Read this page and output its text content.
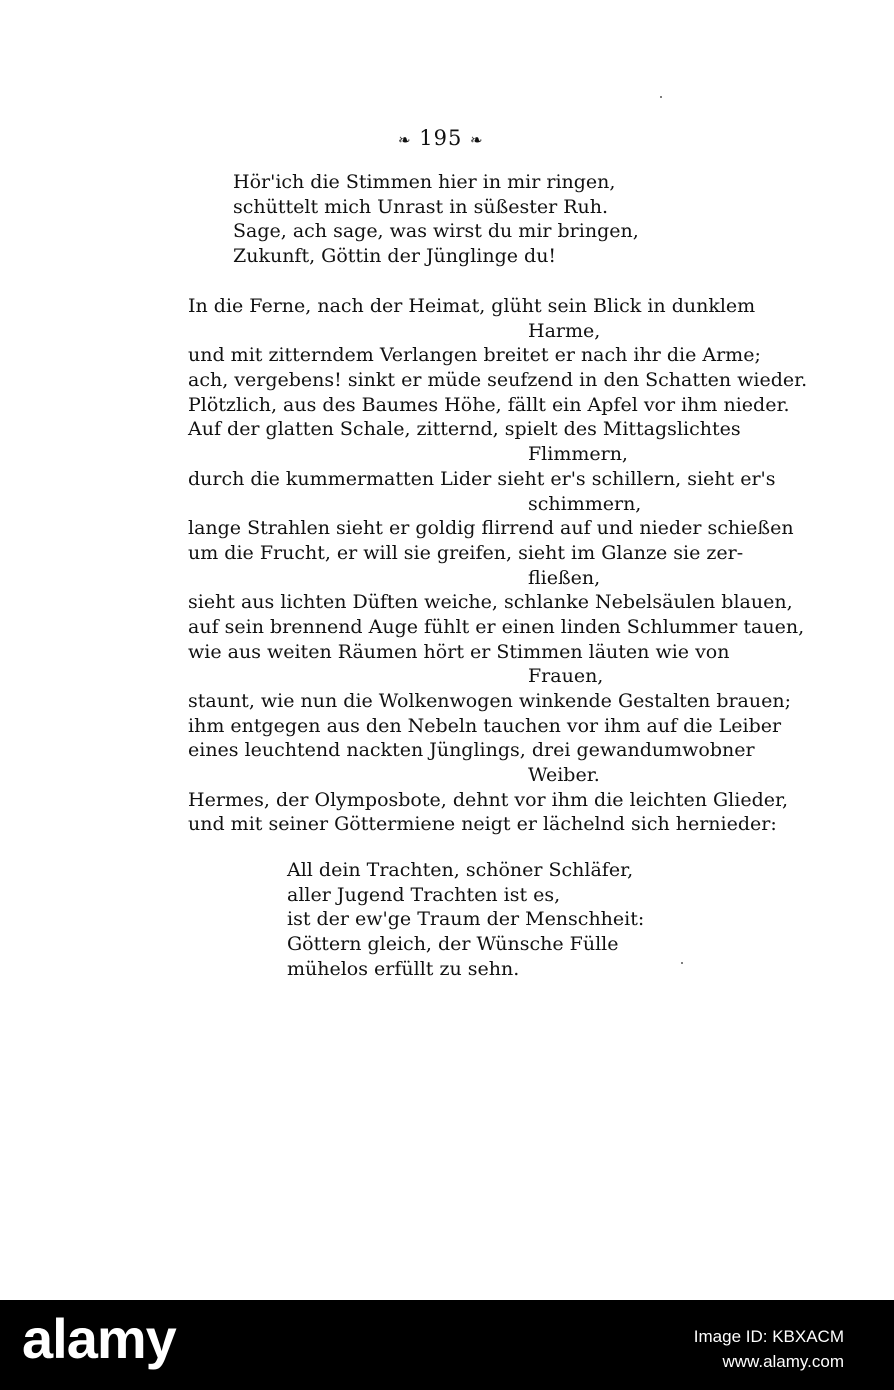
❧ 195 ❧
Hör'ich die Stimmen hier in mir ringen,
schüttelt mich Unrast in süßester Ruh.
Sage, ach sage, was wirst du mir bringen,
Zukunft, Göttin der Jünglinge du!
In die Ferne, nach der Heimat, glüht sein Blick in dunklem
Harme,
und mit zitterndem Verlangen breitet er nach ihr die Arme;
ach, vergebens! sinkt er müde seufzend in den Schatten wieder.
Plötzlich, aus des Baumes Höhe, fällt ein Apfel vor ihm nieder.
Auf der glatten Schale, zitternd, spielt des Mittagslichtes
Flimmern,
durch die kummermatten Lider sieht er's schillern, sieht er's
schimmern,
lange Strahlen sieht er goldig flirrend auf und nieder schießen
um die Frucht, er will sie greifen, sieht im Glanze sie zer-
fließen,
sieht aus lichten Düften weiche, schlanke Nebelsäulen blauen,
auf sein brennend Auge fühlt er einen linden Schlummer tauen,
wie aus weiten Räumen hört er Stimmen läuten wie von
Frauen,
staunt, wie nun die Wolkenwogen winkende Gestalten brauen;
ihm entgegen aus den Nebeln tauchen vor ihm auf die Leiber
eines leuchtend nackten Jünglings, drei gewandumwobner
Weiber.
Hermes, der Olymposbote, dehnt vor ihm die leichten Glieder,
und mit seiner Göttermiene neigt er lächelnd sich hernieder:
All dein Trachten, schöner Schläfer,
aller Jugend Trachten ist es,
ist der ew'ge Traum der Menschheit:
Göttern gleich, der Wünsche Fülle
mühelos erfüllt zu sehn.
alamy	Image ID: KBXACM
www.alamy.com
